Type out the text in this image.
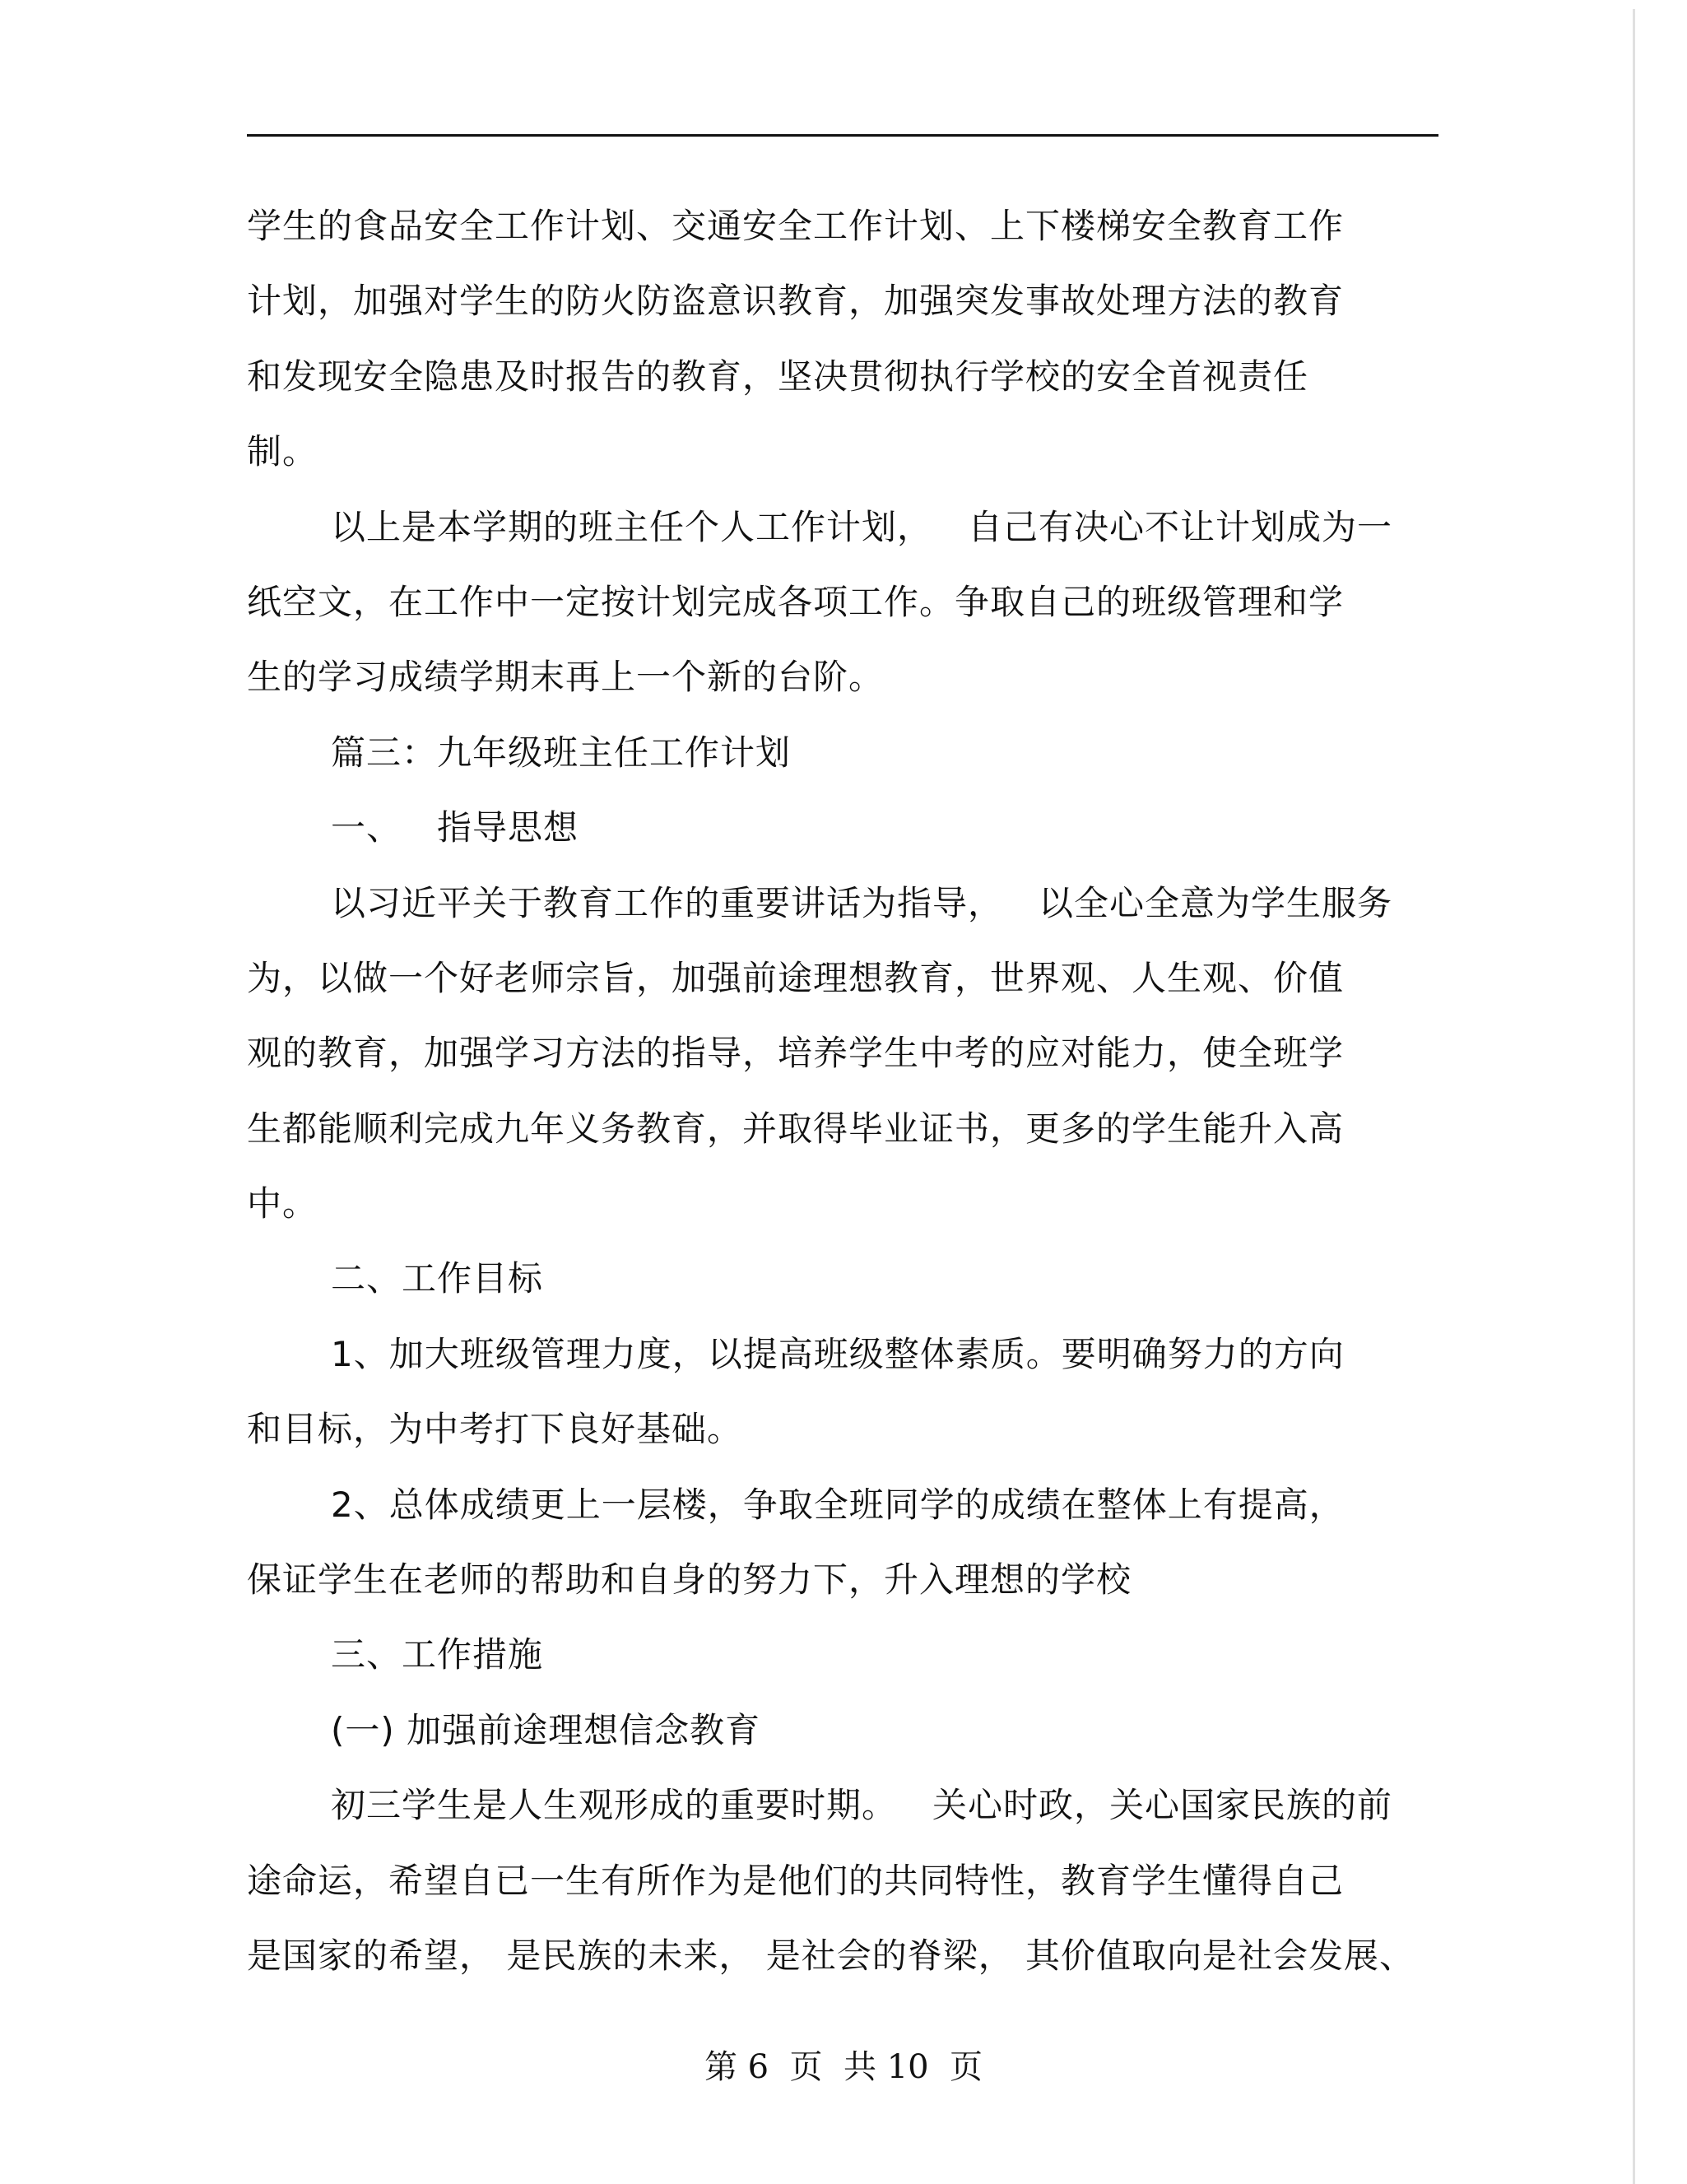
学生的食品安全工作计划、交通安全工作计划、上下楼梯安全教育工作
计划，加强对学生的防火防盗意识教育，加强突发事故处理方法的教育
和发现安全隐患及时报告的教育，坚决贯彻执行学校的安全首视责任
制。
以上是本学期的班主任个人工作计划，   自己有决心不让计划成为一
纸空文，在工作中一定按计划完成各项工作。争取自己的班级管理和学
生的学习成绩学期末再上一个新的台阶。
篇三：九年级班主任工作计划
一、   指导思想
以习近平关于教育工作的重要讲话为指导，   以全心全意为学生服务
为，以做一个好老师宗旨，加强前途理想教育，世界观、人生观、价值
观的教育，加强学习方法的指导，培养学生中考的应对能力，使全班学
生都能顺利完成九年义务教育，并取得毕业证书，更多的学生能升入高
中。
二、工作目标
1、加大班级管理力度，以提高班级整体素质。要明确努力的方向
和目标，为中考打下良好基础。
2、总体成绩更上一层楼，争取全班同学的成绩在整体上有提高，
保证学生在老师的帮助和自身的努力下，升入理想的学校
三、工作措施
(一) 加强前途理想信念教育
初三学生是人生观形成的重要时期。   关心时政，关心国家民族的前
途命运，希望自已一生有所作为是他们的共同特性，教育学生懂得自己
是国家的希望， 是民族的未来， 是社会的脊梁， 其价值取向是社会发展、
第 6  页  共 10  页
